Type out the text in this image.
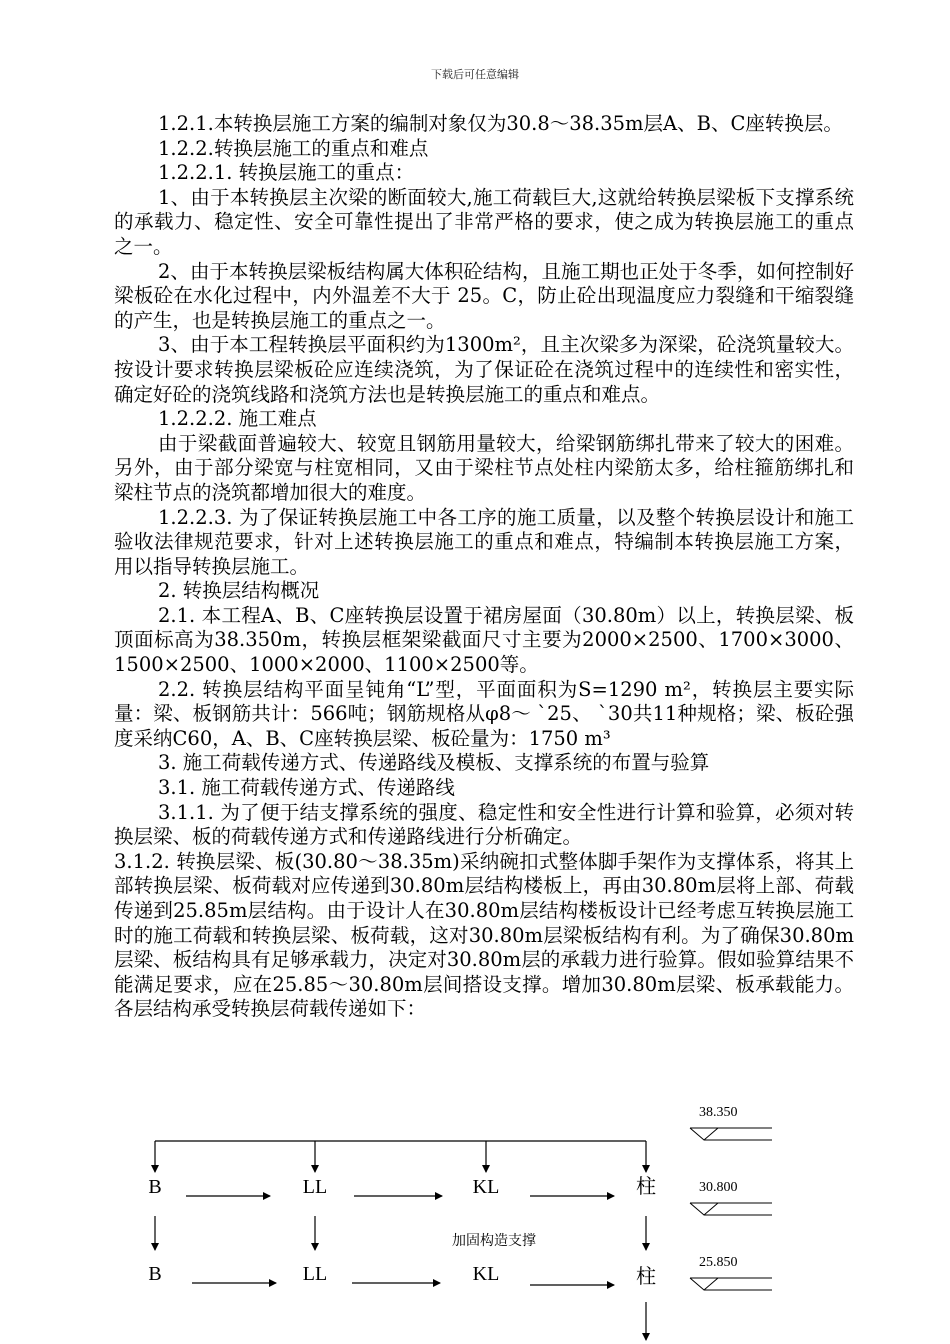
下载后可任意编辑

1.2.1.本转换层施工方案的编制对象仅为30.8～38.35m层A、B、C座转换层。

1.2.2.转换层施工的重点和难点

1.2.2.1. 转换层施工的重点：

1、由于本转换层主次梁的断面较大,施工荷载巨大,这就给转换层梁板下支撑系统　的承载力、稳定性、安全可靠性提出了非常严格的要求，使之成为转换层施工的重点之一。

2、由于本转换层梁板结构属大体积砼结构，且施工期也正处于冬季，如何控制好梁板砼在水化过程中，内外温差不大于 25。C，防止砼出现温度应力裂缝和干缩裂缝的产生，也是转换层施工的重点之一。

3、由于本工程转换层平面积约为1300m²，且主次梁多为深梁，砼浇筑量较大。按设计要求转换层梁板砼应连续浇筑，为了保证砼在浇筑过程中的连续性和密实性，确定好砼的浇筑线路和浇筑方法也是转换层施工的重点和难点。

1.2.2.2. 施工难点

由于梁截面普遍较大、较宽且钢筋用量较大，给梁钢筋绑扎带来了较大的困难。另外，由于部分梁宽与柱宽相同，又由于梁柱节点处柱内梁筋太多，给柱箍筋绑扎和梁柱节点的浇筑都增加很大的难度。

1.2.2.3. 为了保证转换层施工中各工序的施工质量，以及整个转换层设计和施工验收法律规范要求，针对上述转换层施工的重点和难点，特编制本转换层施工方案，用以指导转换层施工。

2. 转换层结构概况

2.1. 本工程A、B、C座转换层设置于裙房屋面（30.80m）以上，转换层梁、板顶面标高为38.350m，转换层框架梁截面尺寸主要为2000×2500、1700×3000、1500×2500、1000×2000、1100×2500等。

2.2. 转换层结构平面呈钝角“L”型，平面面积为S=1290 m²，转换层主要实际量：梁、板钢筋共计：566吨；钢筋规格从φ8～ ˋ25、 ˋ30共11种规格；梁、板砼强度采纳C60，A、B、C座转换层梁、板砼量为：1750 m³

3. 施工荷载传递方式、传递路线及模板、支撑系统的布置与验算

3.1. 施工荷载传递方式、传递路线

3.1.1. 为了便于结支撑系统的强度、稳定性和安全性进行计算和验算，必须对转换层梁、板的荷载传递方式和传递路线进行分析确定。

3.1.2. 转换层梁、板(30.80～38.35m)采纳碗扣式整体脚手架作为支撑体系，将其上部转换层梁、板荷载对应传递到30.80m层结构楼板上，再由30.80m层将上部、荷载传递到25.85m层结构。由于设计人在30.80m层结构楼板设计已经考虑互转换层施工时的施工荷载和转换层梁、板荷载，这对30.80m层梁板结构有利。为了确保30.80m层梁、板结构具有足够承载力，决定对30.80m层的承载力进行验算。假如验算结果不能满足要求，应在25.85～30.80m层间搭设支撑。增加30.80m层梁、板承载能力。各层结构承受转换层荷载传递如下：

B	LL	KL	柱
加固构造支撑
B	LL	KL	柱
38.350
30.800
25.850
